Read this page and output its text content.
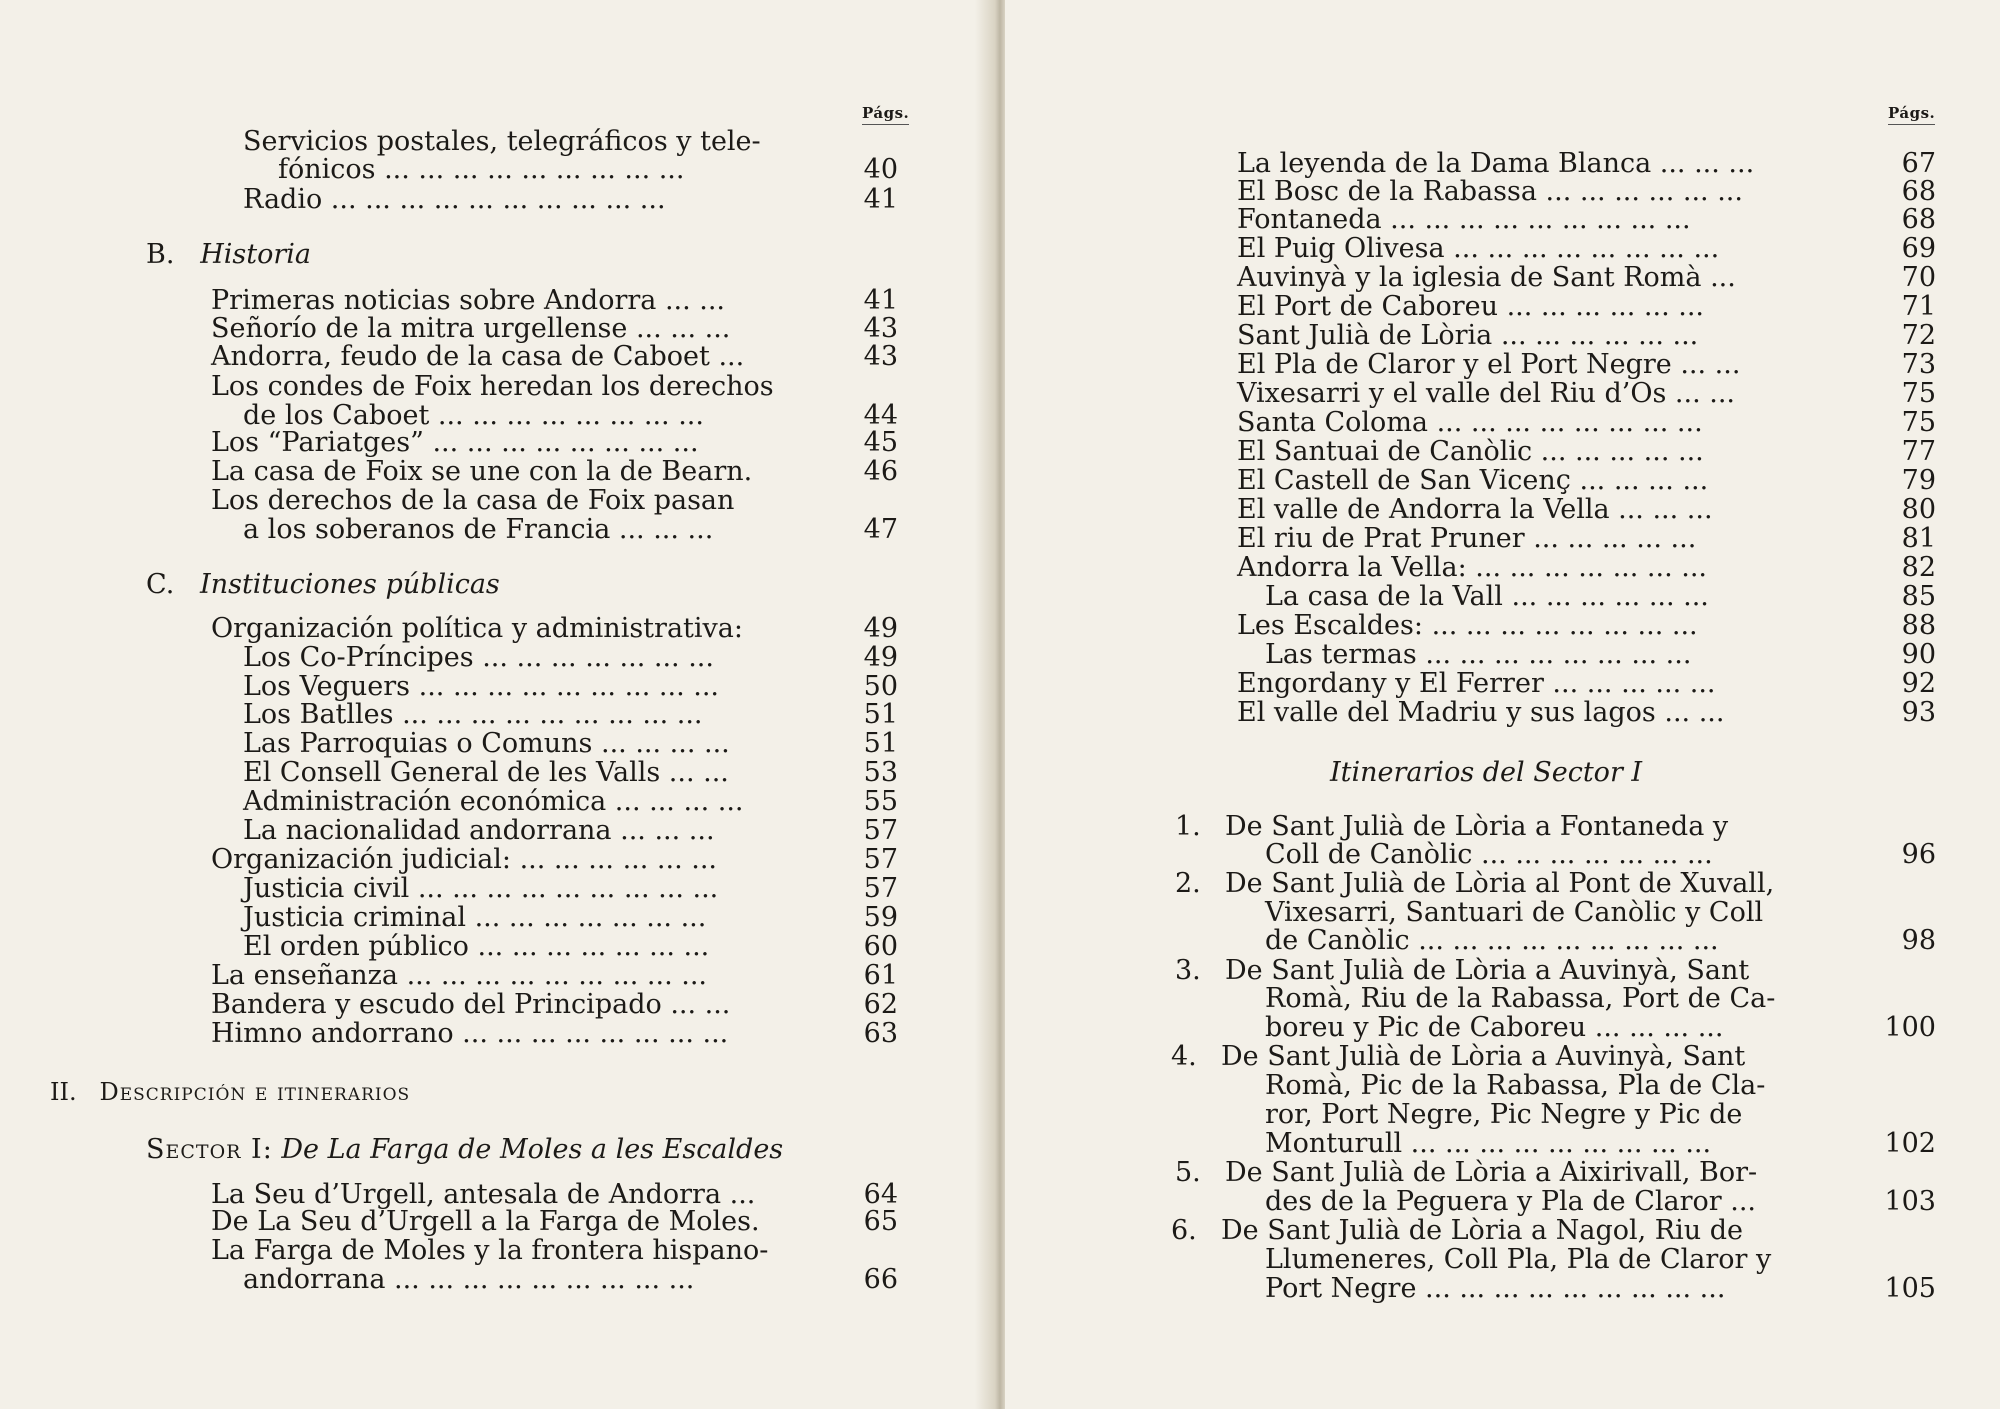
Págs.
B. Historia
C. Instituciones públicas
II. Descripción e itinerarios
Sector I: De La Farga de Moles a les Escaldes
Servicios postales, telegráficos y tele-
fónicos ... ... ... ... ... ... ... ... ...	40
Radio ... ... ... ... ... ... ... ... ... ...	41
Primeras noticias sobre Andorra ... ...	41
Señorío de la mitra urgellense ... ... ...	43
Andorra, feudo de la casa de Caboet ...	43
Los condes de Foix heredan los derechos
de los Caboet ... ... ... ... ... ... ... ...	44
Los “Pariatges” ... ... ... ... ... ... ... ...	45
La casa de Foix se une con la de Bearn.	46
Los derechos de la casa de Foix pasan
a los soberanos de Francia ... ... ...	47
Organización política y administrativa:	49
Los Co-Príncipes ... ... ... ... ... ... ...	49
Los Veguers ... ... ... ... ... ... ... ... ...	50
Los Batlles ... ... ... ... ... ... ... ... ...	51
Las Parroquias o Comuns ... ... ... ...	51
El Consell General de les Valls ... ...	53
Administración económica ... ... ... ...	55
La nacionalidad andorrana ... ... ...	57
Organización judicial: ... ... ... ... ... ...	57
Justicia civil ... ... ... ... ... ... ... ... ...	57
Justicia criminal ... ... ... ... ... ... ...	59
El orden público ... ... ... ... ... ... ...	60
La enseñanza ... ... ... ... ... ... ... ... ...	61
Bandera y escudo del Principado ... ...	62
Himno andorrano ... ... ... ... ... ... ... ...	63
La Seu d’Urgell, antesala de Andorra ...	64
De La Seu d’Urgell a la Farga de Moles.	65
La Farga de Moles y la frontera hispano-
andorrana ... ... ... ... ... ... ... ... ...	66
Págs.
Itinerarios del Sector I
La leyenda de la Dama Blanca ... ... ...	67
El Bosc de la Rabassa ... ... ... ... ... ...	68
Fontaneda ... ... ... ... ... ... ... ... ...	68
El Puig Olivesa ... ... ... ... ... ... ... ...	69
Auvinyà y la iglesia de Sant Romà ...	70
El Port de Caboreu ... ... ... ... ... ...	71
Sant Julià de Lòria ... ... ... ... ... ...	72
El Pla de Claror y el Port Negre ... ...	73
Vixesarri y el valle del Riu d’Os ... ...	75
Santa Coloma ... ... ... ... ... ... ... ...	75
El Santuai de Canòlic ... ... ... ... ...	77
El Castell de San Vicenç ... ... ... ...	79
El valle de Andorra la Vella ... ... ...	80
El riu de Prat Pruner ... ... ... ... ...	81
Andorra la Vella: ... ... ... ... ... ... ...	82
La casa de la Vall ... ... ... ... ... ...	85
Les Escaldes: ... ... ... ... ... ... ... ...	88
Las termas ... ... ... ... ... ... ... ...	90
Engordany y El Ferrer ... ... ... ... ...	92
El valle del Madriu y sus lagos ... ...	93
1. De Sant Julià de Lòria a Fontaneda y
Coll de Canòlic ... ... ... ... ... ... ...	96
2. De Sant Julià de Lòria al Pont de Xuvall,
Vixesarri, Santuari de Canòlic y Coll
de Canòlic ... ... ... ... ... ... ... ... ...	98
3. De Sant Julià de Lòria a Auvinyà, Sant
Romà, Riu de la Rabassa, Port de Ca-
boreu y Pic de Caboreu ... ... ... ...	100
4. De Sant Julià de Lòria a Auvinyà, Sant
Romà, Pic de la Rabassa, Pla de Cla-
ror, Port Negre, Pic Negre y Pic de
Monturull ... ... ... ... ... ... ... ... ...	102
5. De Sant Julià de Lòria a Aixirivall, Bor-
des de la Peguera y Pla de Claror ...	103
6. De Sant Julià de Lòria a Nagol, Riu de
Llumeneres, Coll Pla, Pla de Claror y
Port Negre ... ... ... ... ... ... ... ... ...	105
